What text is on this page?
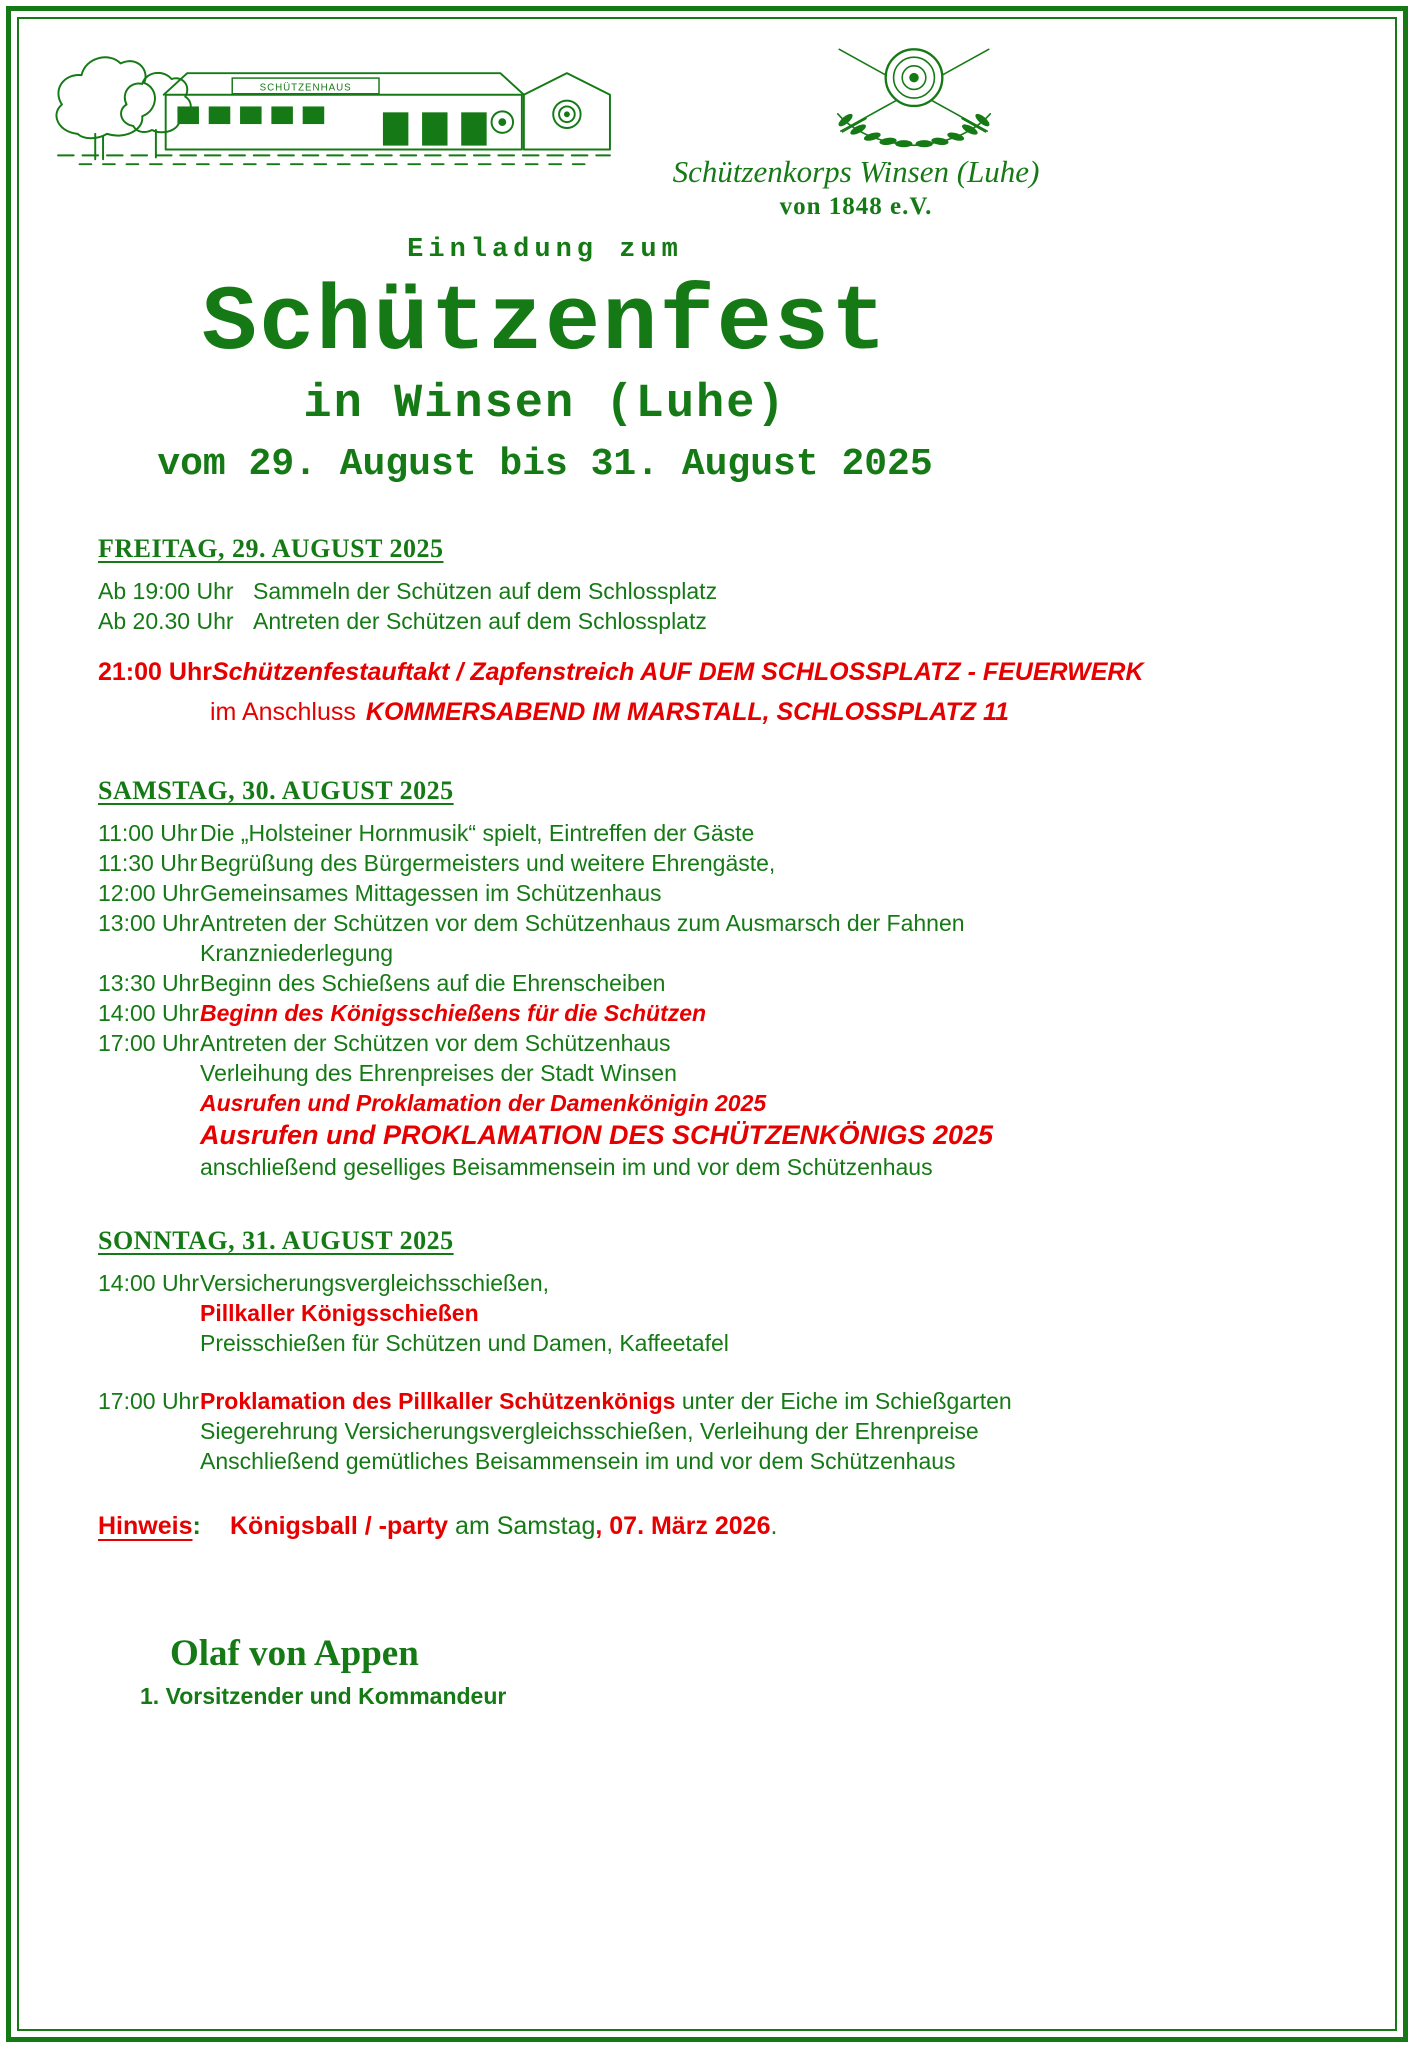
SCHÜTZENHAUS
Schützenkorps Winsen (Luhe)
von 1848 e.V.
Einladung zum
Schützenfest
in Winsen (Luhe)
vom 29. August bis 31. August 2025
FREITAG, 29. AUGUST 2025
Ab 19:00 Uhr Sammeln der Schützen auf dem Schlossplatz
Ab 20.30 Uhr Antreten der Schützen auf dem Schlossplatz
21:00 UhrSchützenfestauftakt / Zapfenstreich AUF DEM SCHLOSSPLATZ - FEUERWERK
im Anschluss KOMMERSABEND IM MARSTALL, SCHLOSSPLATZ 11
SAMSTAG, 30. AUGUST 2025
11:00 Uhr Die „Holsteiner Hornmusik“ spielt, Eintreffen der Gäste
11:30 Uhr Begrüßung des Bürgermeisters und weitere Ehrengäste,
12:00 Uhr Gemeinsames Mittagessen im Schützenhaus
13:00 Uhr Antreten der Schützen vor dem Schützenhaus zum Ausmarsch der Fahnen
Kranzniederlegung
13:30 Uhr Beginn des Schießens auf die Ehrenscheiben
14:00 Uhr Beginn des Königsschießens für die Schützen
17:00 Uhr Antreten der Schützen vor dem Schützenhaus
Verleihung des Ehrenpreises der Stadt Winsen
Ausrufen und Proklamation der Damenkönigin 2025
Ausrufen und PROKLAMATION DES SCHÜTZENKÖNIGS 2025
anschließend geselliges Beisammensein im und vor dem Schützenhaus
SONNTAG, 31. AUGUST 2025
14:00 Uhr Versicherungsvergleichsschießen,
Pillkaller Königsschießen
Preisschießen für Schützen und Damen, Kaffeetafel
17:00 Uhr Proklamation des Pillkaller Schützenkönigs unter der Eiche im Schießgarten
Siegerehrung Versicherungsvergleichsschießen, Verleihung der Ehrenpreise
Anschließend gemütliches Beisammensein im und vor dem Schützenhaus
Hinweis:	Königsball / -party am Samstag, 07. März 2026.
Olaf von Appen
1. Vorsitzender und Kommandeur
